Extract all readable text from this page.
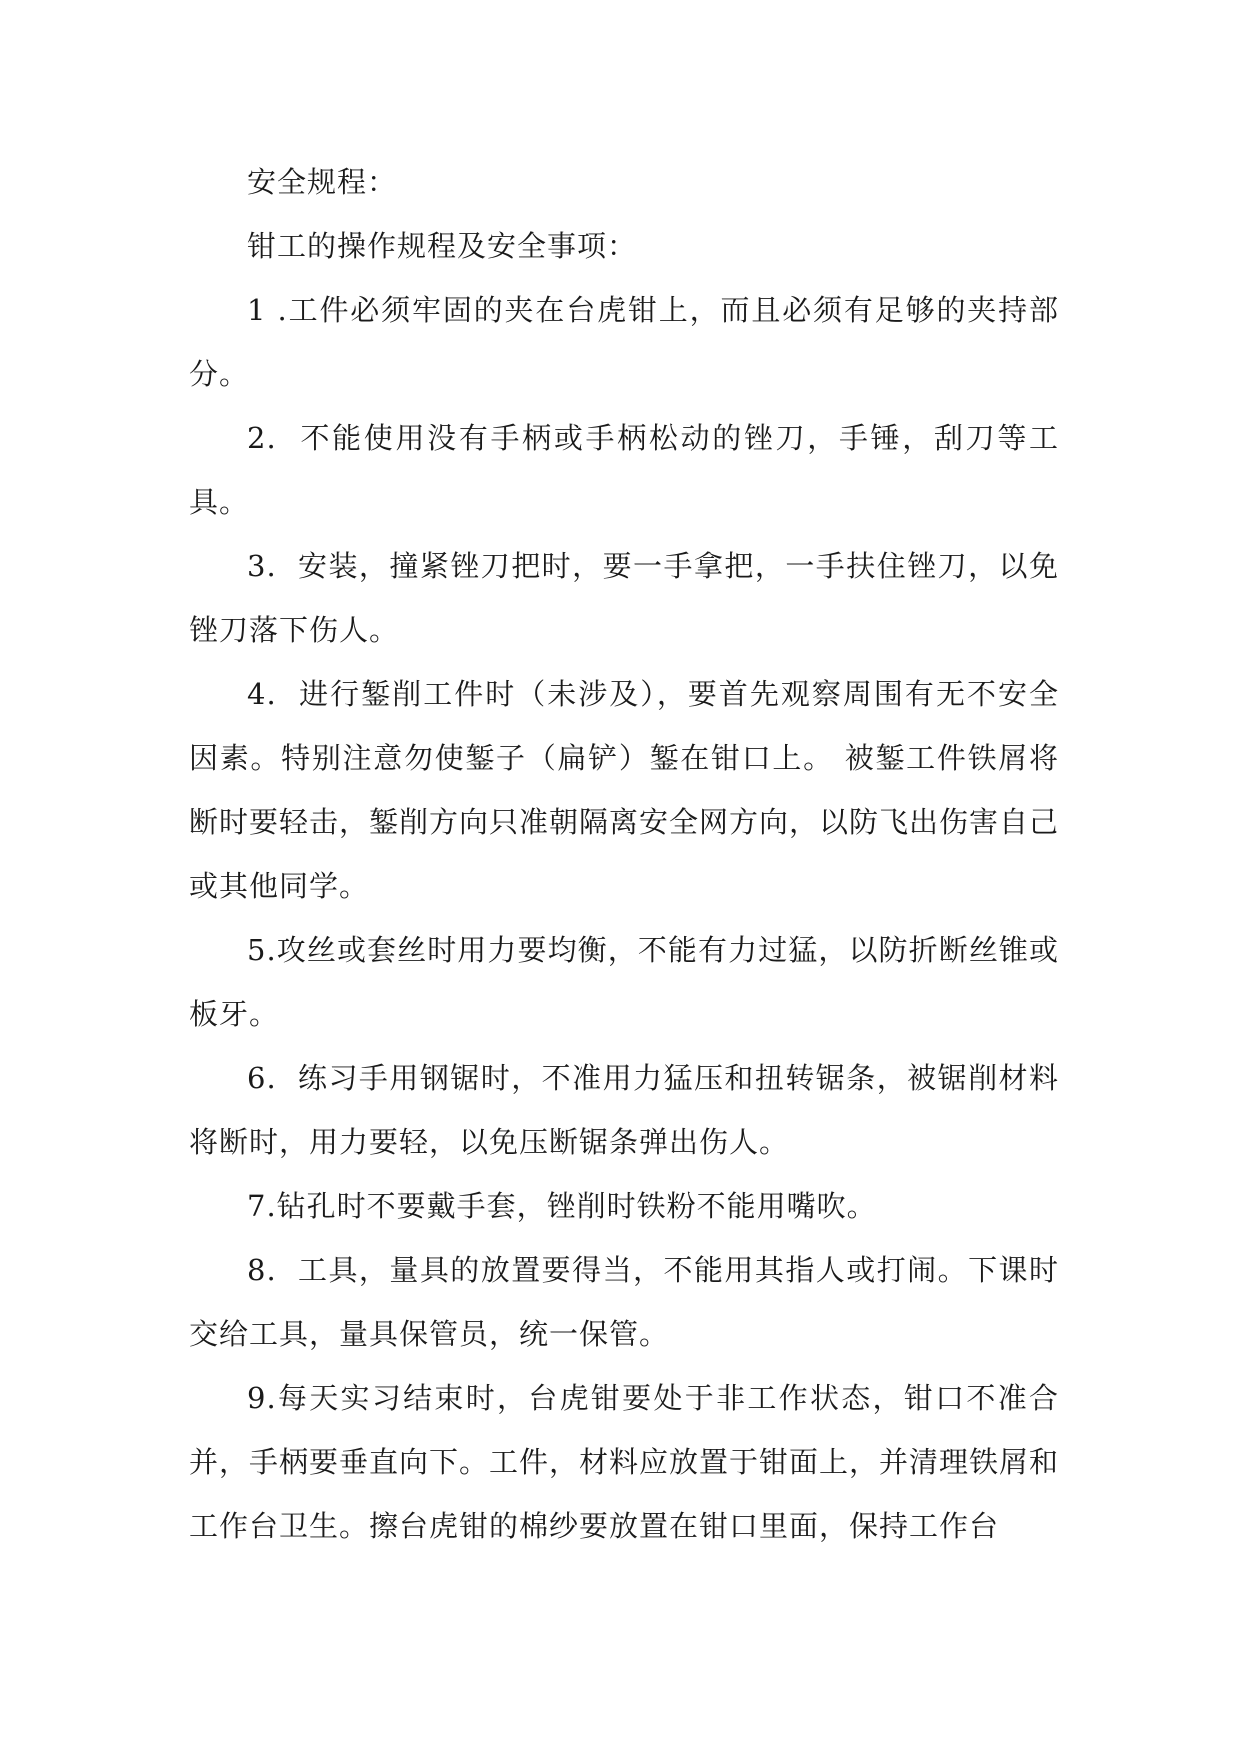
安全规程：

钳工的操作规程及安全事项：

1 .工件必须牢固的夹在台虎钳上，而且必须有足够的夹持部分。

2.  不能使用没有手柄或手柄松动的锉刀，手锤，刮刀等工具。

3.  安装，撞紧锉刀把时，要一手拿把，一手扶住锉刀，以免锉刀落下伤人。

4.  进行錾削工件时（未涉及），要首先观察周围有无不安全因素。特别注意勿使錾子（扁铲）錾在钳口上。 被錾工件铁屑将断时要轻击，錾削方向只准朝隔离安全网方向，以防飞出伤害自己或其他同学。

5.攻丝或套丝时用力要均衡，不能有力过猛，以防折断丝锥或板牙。

6.  练习手用钢锯时，不准用力猛压和扭转锯条，被锯削材料将断时，用力要轻，以免压断锯条弹出伤人。

7.钻孔时不要戴手套，锉削时铁粉不能用嘴吹。

8.  工具，量具的放置要得当，不能用其指人或打闹。下课时交给工具，量具保管员，统一保管。

9.每天实习结束时，台虎钳要处于非工作状态，钳口不准合并，手柄要垂直向下。工件，材料应放置于钳面上，并清理铁屑和工作台卫生。擦台虎钳的棉纱要放置在钳口里面，保持工作台
